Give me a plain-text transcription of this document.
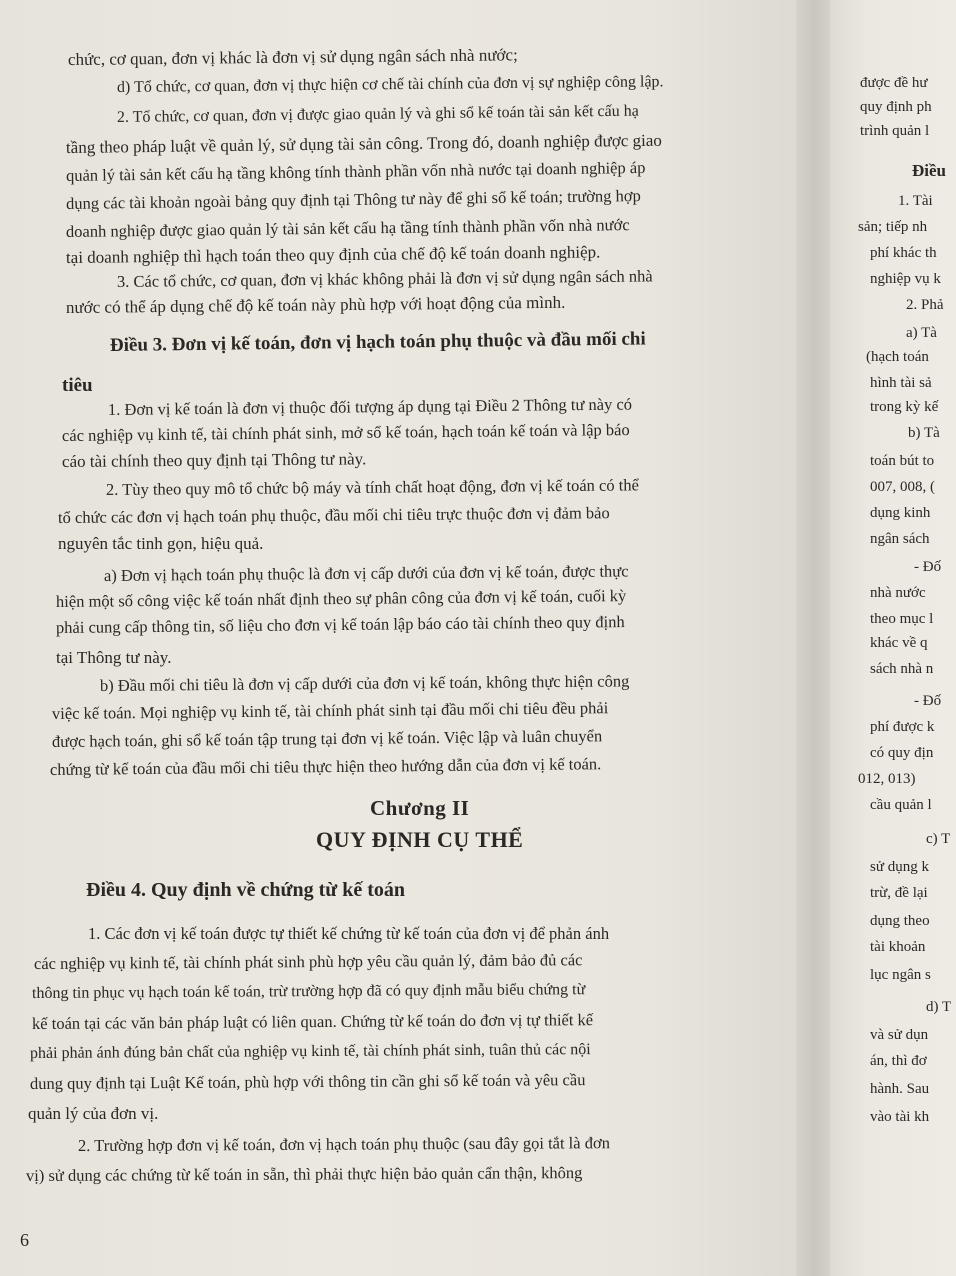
chức, cơ quan, đơn vị khác là đơn vị sử dụng ngân sách nhà nước;
d) Tổ chức, cơ quan, đơn vị thực hiện cơ chế tài chính của đơn vị sự nghiệp công lập.
2. Tổ chức, cơ quan, đơn vị được giao quản lý và ghi sổ kế toán tài sản kết cấu hạ
tầng theo pháp luật về quản lý, sử dụng tài sản công. Trong đó, doanh nghiệp được giao
quản lý tài sản kết cấu hạ tầng không tính thành phần vốn nhà nước tại doanh nghiệp áp
dụng các tài khoản ngoài bảng quy định tại Thông tư này để ghi sổ kế toán; trường hợp
doanh nghiệp được giao quản lý tài sản kết cấu hạ tầng tính thành phần vốn nhà nước
tại doanh nghiệp thì hạch toán theo quy định của chế độ kế toán doanh nghiệp.
3. Các tổ chức, cơ quan, đơn vị khác không phải là đơn vị sử dụng ngân sách nhà
nước có thể áp dụng chế độ kế toán này phù hợp với hoạt động của mình.
Điều 3. Đơn vị kế toán, đơn vị hạch toán phụ thuộc và đầu mối chi
tiêu
1. Đơn vị kế toán là đơn vị thuộc đối tượng áp dụng tại Điều 2 Thông tư này có
các nghiệp vụ kinh tế, tài chính phát sinh, mở sổ kế toán, hạch toán kế toán và lập báo
cáo tài chính theo quy định tại Thông tư này.
2. Tùy theo quy mô tổ chức bộ máy và tính chất hoạt động, đơn vị kế toán có thể
tổ chức các đơn vị hạch toán phụ thuộc, đầu mối chi tiêu trực thuộc đơn vị đảm bảo
nguyên tắc tinh gọn, hiệu quả.
a) Đơn vị hạch toán phụ thuộc là đơn vị cấp dưới của đơn vị kế toán, được thực
hiện một số công việc kế toán nhất định theo sự phân công của đơn vị kế toán, cuối kỳ
phải cung cấp thông tin, số liệu cho đơn vị kế toán lập báo cáo tài chính theo quy định
tại Thông tư này.
b) Đầu mối chi tiêu là đơn vị cấp dưới của đơn vị kế toán, không thực hiện công
việc kế toán. Mọi nghiệp vụ kinh tế, tài chính phát sinh tại đầu mối chi tiêu đều phải
được hạch toán, ghi sổ kế toán tập trung tại đơn vị kế toán. Việc lập và luân chuyển
chứng từ kế toán của đầu mối chi tiêu thực hiện theo hướng dẫn của đơn vị kế toán.
Chương II
QUY ĐỊNH CỤ THỂ
Điều 4. Quy định về chứng từ kế toán
1. Các đơn vị kế toán được tự thiết kế chứng từ kế toán của đơn vị để phản ánh
các nghiệp vụ kinh tế, tài chính phát sinh phù hợp yêu cầu quản lý, đảm bảo đủ các
thông tin phục vụ hạch toán kế toán, trừ trường hợp đã có quy định mẫu biểu chứng từ
kế toán tại các văn bản pháp luật có liên quan. Chứng từ kế toán do đơn vị tự thiết kế
phải phản ánh đúng bản chất của nghiệp vụ kinh tế, tài chính phát sinh, tuân thủ các nội
dung quy định tại Luật Kế toán, phù hợp với thông tin cần ghi sổ kế toán và yêu cầu
quản lý của đơn vị.
2. Trường hợp đơn vị kế toán, đơn vị hạch toán phụ thuộc (sau đây gọi tắt là đơn
vị) sử dụng các chứng từ kế toán in sẵn, thì phải thực hiện bảo quản cẩn thận, không
6
được đề hư
quy định ph
trình quản l
Điều
1. Tài
sản; tiếp nh
phí khác th
nghiệp vụ k
2. Phả
a) Tà
(hạch toán
hình tài sả
trong kỳ kế
b) Tà
toán bút to
007, 008, (
dụng kinh
ngân sách
- Đố
nhà nước
theo mục l
khác về q
sách nhà n
- Đố
phí được k
có quy địn
012, 013)
cầu quản l
c) T
sử dụng k
trừ, đề lại
dụng theo
tài khoản
lục ngân s
d) T
và sử dụn
án, thì đơ
hành. Sau
vào tài kh
